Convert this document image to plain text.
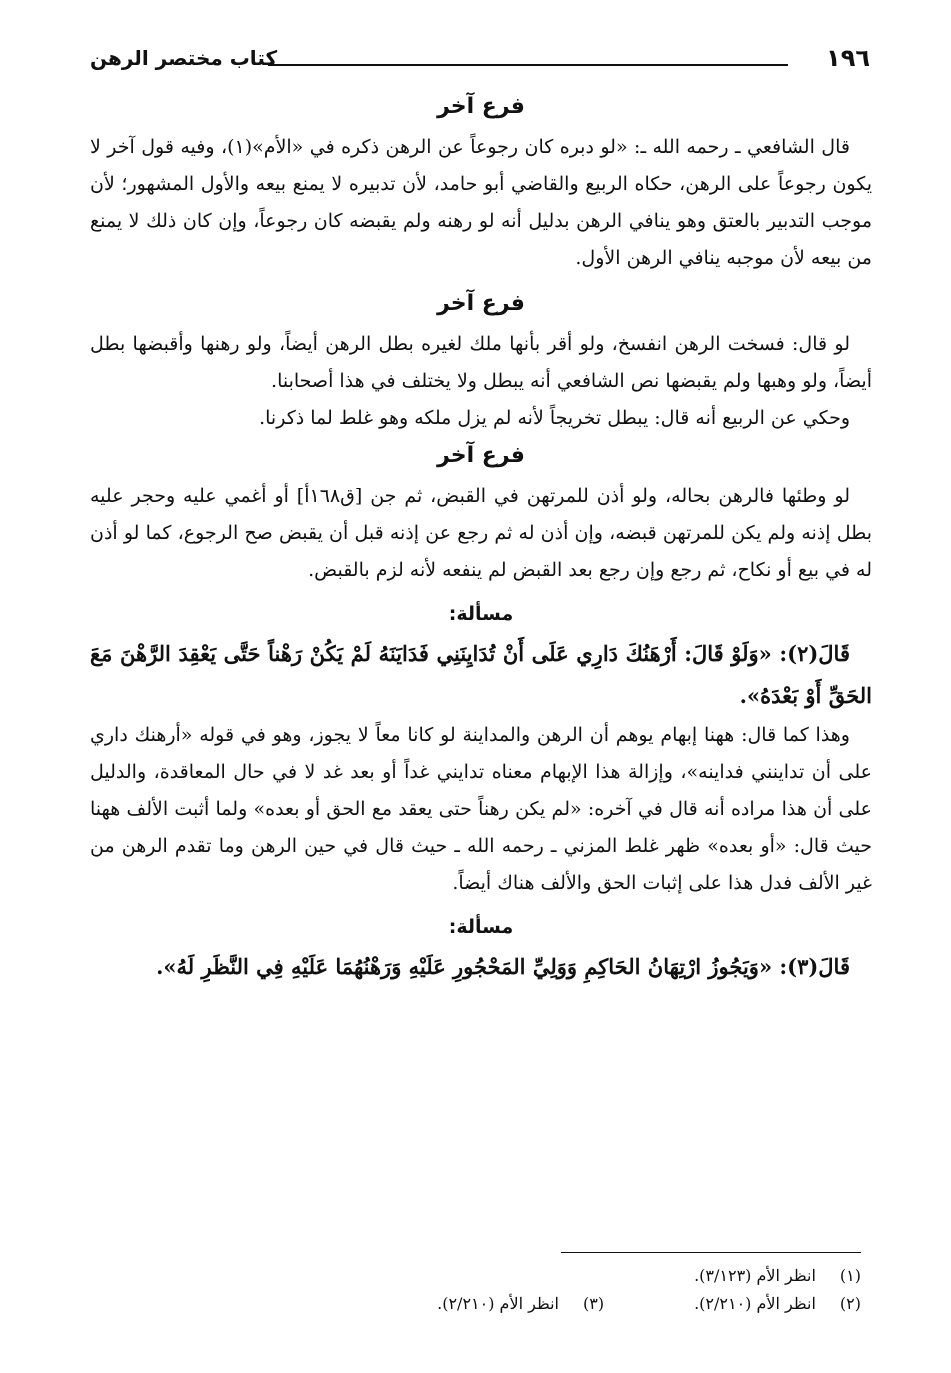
١٩٦
كتاب مختصر الرهن
فرع آخر

قال الشافعي ـ رحمه الله ـ: «لو دبره كان رجوعاً عن الرهن ذكره في «الأم»(١)، وفيه قول آخر لا يكون رجوعاً على الرهن، حكاه الربيع والقاضي أبو حامد، لأن تدبيره لا يمنع بيعه والأول المشهور؛ لأن موجب التدبير بالعتق وهو ينافي الرهن بدليل أنه لو رهنه ولم يقبضه كان رجوعاً، وإن كان ذلك لا يمنع من بيعه لأن موجبه ينافي الرهن الأول.

فرع آخر

لو قال: فسخت الرهن انفسخ، ولو أقر بأنها ملك لغيره بطل الرهن أيضاً، ولو رهنها وأقبضها بطل أيضاً، ولو وهبها ولم يقبضها نص الشافعي أنه يبطل ولا يختلف في هذا أصحابنا.

وحكي عن الربيع أنه قال: يبطل تخريجاً لأنه لم يزل ملكه وهو غلط لما ذكرنا.

فرع آخر

لو وطئها فالرهن بحاله، ولو أذن للمرتهن في القبض، ثم جن [ق١٦٨أ] أو أغمي عليه وحجر عليه بطل إذنه ولم يكن للمرتهن قبضه، وإن أذن له ثم رجع عن إذنه قبل أن يقبض صح الرجوع، كما لو أذن له في بيع أو نكاح، ثم رجع وإن رجع بعد القبض لم ينفعه لأنه لزم بالقبض.

مسألة:

قَالَ(٢): «وَلَوْ قَالَ: أَرْهَنُكَ دَارِي عَلَى أَنْ تُدَايِنَنِي فَدَايَنَهُ لَمْ يَكُنْ رَهْناً حَتَّى يَعْقِدَ الرَّهْنَ مَعَ الحَقِّ أَوْ بَعْدَهُ».

وهذا كما قال: ههنا إبهام يوهم أن الرهن والمداينة لو كانا معاً لا يجوز، وهو في قوله «أرهنك داري على أن تداينني فداينه»، وإزالة هذا الإبهام معناه تدايني غداً أو بعد غد لا في حال المعاقدة، والدليل على أن هذا مراده أنه قال في آخره: «لم يكن رهناً حتى يعقد مع الحق أو بعده» ولما أثبت الألف ههنا حيث قال: «أو بعده» ظهر غلط المزني ـ رحمه الله ـ حيث قال في حين الرهن وما تقدم الرهن من غير الألف فدل هذا على إثبات الحق والألف هناك أيضاً.

مسألة:

قَالَ(٣): «وَيَجُوزُ ارْتِهَانُ الحَاكِمِ وَوَلِيِّ المَحْجُورِ عَلَيْهِ وَرَهْنُهُمَا عَلَيْهِ فِي النَّظَرِ لَهُ».

(١) انظر الأم (٣/١٢٣).
(٢) انظر الأم (٢/٢١٠).
(٣) انظر الأم (٢/٢١٠).
